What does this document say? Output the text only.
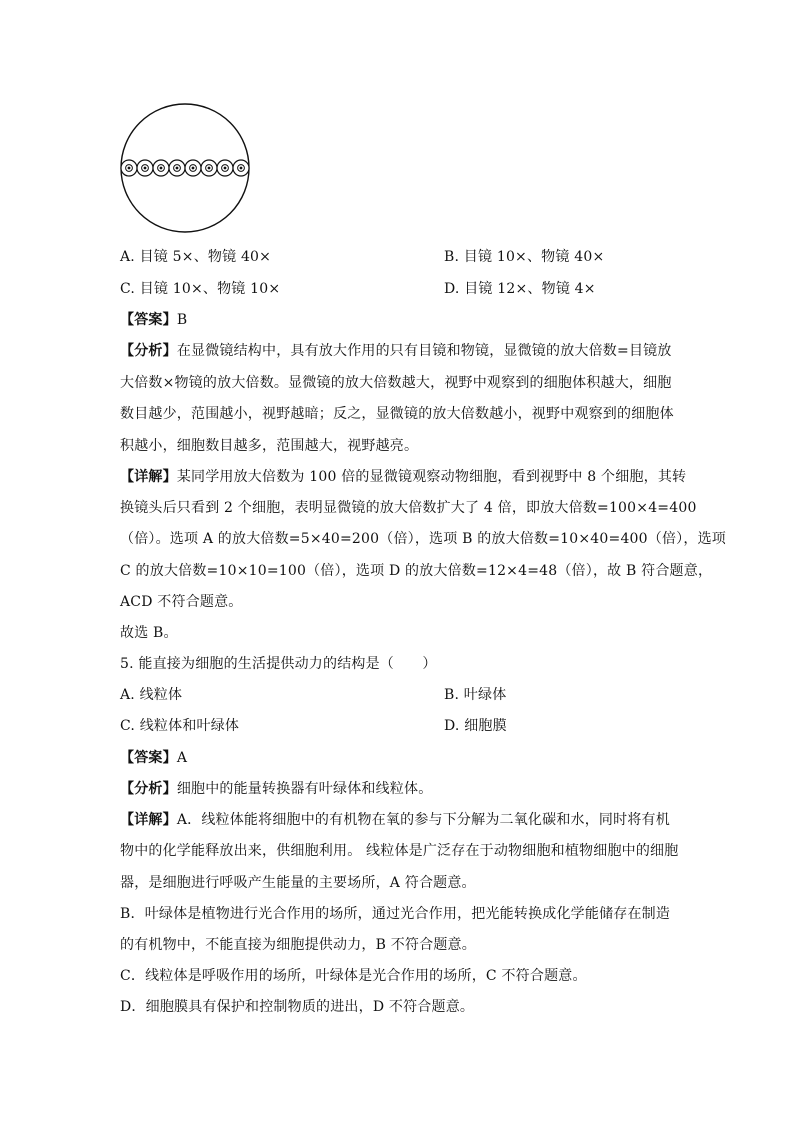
A. 目镜 5×、物镜 40×	B. 目镜 10×、物镜 40×
C. 目镜 10×、物镜 10×	D. 目镜 12×、物镜 4×
【答案】B
【分析】在显微镜结构中，具有放大作用的只有目镜和物镜，显微镜的放大倍数=目镜放
大倍数×物镜的放大倍数。显微镜的放大倍数越大，视野中观察到的细胞体积越大，细胞
数目越少，范围越小，视野越暗；反之，显微镜的放大倍数越小，视野中观察到的细胞体
积越小，细胞数目越多，范围越大，视野越亮。
【详解】某同学用放大倍数为 100 倍的显微镜观察动物细胞，看到视野中 8 个细胞，其转
换镜头后只看到 2 个细胞，表明显微镜的放大倍数扩大了 4 倍，即放大倍数=100×4=400
（倍）。选项 A 的放大倍数=5×40=200（倍），选项 B 的放大倍数=10×40=400（倍），选项
C 的放大倍数=10×10=100（倍），选项 D 的放大倍数=12×4=48（倍），故 B 符合题意，
ACD 不符合题意。
故选 B。
5. 能直接为细胞的生活提供动力的结构是（　　）
A. 线粒体	B. 叶绿体
C. 线粒体和叶绿体	D. 细胞膜
【答案】A
【分析】细胞中的能量转换器有叶绿体和线粒体。
【详解】A．线粒体能将细胞中的有机物在氧的参与下分解为二氧化碳和水，同时将有机
物中的化学能释放出来，供细胞利用。 线粒体是广泛存在于动物细胞和植物细胞中的细胞
器，是细胞进行呼吸产生能量的主要场所，A 符合题意。
B．叶绿体是植物进行光合作用的场所，通过光合作用，把光能转换成化学能储存在制造
的有机物中，不能直接为细胞提供动力，B 不符合题意。
C．线粒体是呼吸作用的场所，叶绿体是光合作用的场所，C 不符合题意。
D．细胞膜具有保护和控制物质的进出，D 不符合题意。
